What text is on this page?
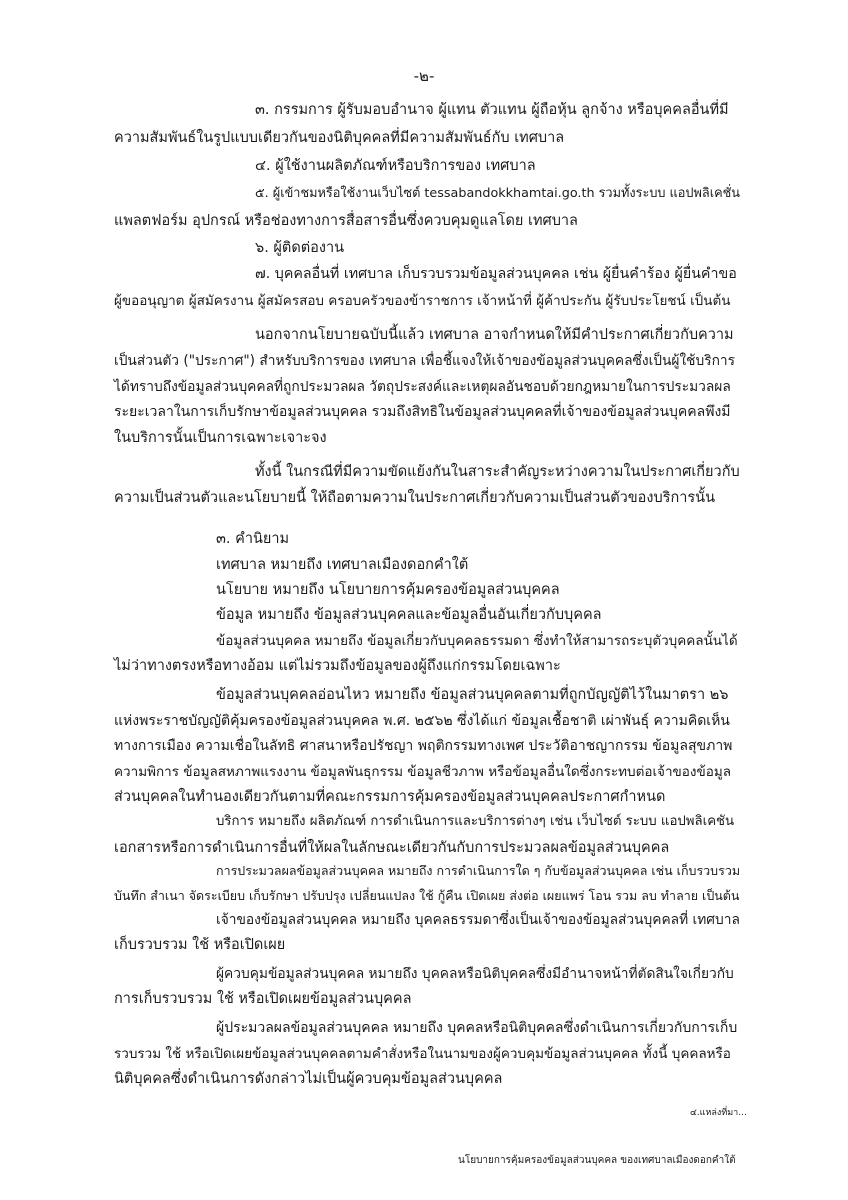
-๒-
๓. กรรมการ ผู้รับมอบอำนาจ ผู้แทน ตัวแทน ผู้ถือหุ้น ลูกจ้าง หรือบุคคลอื่นที่มี
ความสัมพันธ์ในรูปแบบเดียวกันของนิติบุคคลที่มีความสัมพันธ์กับ เทศบาล
๔. ผู้ใช้งานผลิตภัณฑ์หรือบริการของ เทศบาล
๕. ผู้เข้าชมหรือใช้งานเว็บไซต์ tessabandokkhamtai.go.th รวมทั้งระบบ แอปพลิเคชั่น
แพลตฟอร์ม อุปกรณ์ หรือช่องทางการสื่อสารอื่นซึ่งควบคุมดูแลโดย เทศบาล
๖. ผู้ติดต่องาน
๗. บุคคลอื่นที่ เทศบาล เก็บรวบรวมข้อมูลส่วนบุคคล เช่น ผู้ยื่นคำร้อง ผู้ยื่นคำขอ
ผู้ขออนุญาต ผู้สมัครงาน ผู้สมัครสอบ ครอบครัวของข้าราชการ เจ้าหน้าที่ ผู้ค้าประกัน ผู้รับประโยชน์ เป็นต้น
นอกจากนโยบายฉบับนี้แล้ว เทศบาล อาจกำหนดให้มีคำประกาศเกี่ยวกับความ
เป็นส่วนตัว ("ประกาศ") สำหรับบริการของ เทศบาล เพื่อชี้แจงให้เจ้าของข้อมูลส่วนบุคคลซึ่งเป็นผู้ใช้บริการ
ได้ทราบถึงข้อมูลส่วนบุคคลที่ถูกประมวลผล วัตถุประสงค์และเหตุผลอันชอบด้วยกฎหมายในการประมวลผล
ระยะเวลาในการเก็บรักษาข้อมูลส่วนบุคคล รวมถึงสิทธิในข้อมูลส่วนบุคคลที่เจ้าของข้อมูลส่วนบุคคลพึงมี
ในบริการนั้นเป็นการเฉพาะเจาะจง
ทั้งนี้ ในกรณีที่มีความขัดแย้งกันในสาระสำคัญระหว่างความในประกาศเกี่ยวกับ
ความเป็นส่วนตัวและนโยบายนี้ ให้ถือตามความในประกาศเกี่ยวกับความเป็นส่วนตัวของบริการนั้น
๓. คำนิยาม
เทศบาล หมายถึง เทศบาลเมืองดอกคำใต้
นโยบาย หมายถึง นโยบายการคุ้มครองข้อมูลส่วนบุคคล
ข้อมูล หมายถึง ข้อมูลส่วนบุคคลและข้อมูลอื่นอันเกี่ยวกับบุคคล
ข้อมูลส่วนบุคคล หมายถึง ข้อมูลเกี่ยวกับบุคคลธรรมดา ซึ่งทำให้สามารถระบุตัวบุคคลนั้นได้
ไม่ว่าทางตรงหรือทางอ้อม แต่ไม่รวมถึงข้อมูลของผู้ถึงแก่กรรมโดยเฉพาะ
ข้อมูลส่วนบุคคลอ่อนไหว หมายถึง ข้อมูลส่วนบุคคลตามที่ถูกบัญญัติไว้ในมาตรา ๒๖
แห่งพระราชบัญญัติคุ้มครองข้อมูลส่วนบุคคล พ.ศ. ๒๕๖๒ ซึ่งได้แก่ ข้อมูลเชื้อชาติ เผ่าพันธุ์ ความคิดเห็น
ทางการเมือง ความเชื่อในลัทธิ ศาสนาหรือปรัชญา พฤติกรรมทางเพศ ประวัติอาชญากรรม ข้อมูลสุขภาพ
ความพิการ ข้อมูลสหภาพแรงงาน ข้อมูลพันธุกรรม ข้อมูลชีวภาพ หรือข้อมูลอื่นใดซึ่งกระทบต่อเจ้าของข้อมูล
ส่วนบุคคลในทำนองเดียวกันตามที่คณะกรรมการคุ้มครองข้อมูลส่วนบุคคลประกาศกำหนด
บริการ หมายถึง ผลิตภัณฑ์ การดำเนินการและบริการต่างๆ เช่น เว็บไซต์ ระบบ แอปพลิเคชัน
เอกสารหรือการดำเนินการอื่นที่ให้ผลในลักษณะเดียวกันกับการประมวลผลข้อมูลส่วนบุคคล
การประมวลผลข้อมูลส่วนบุคคล หมายถึง การดำเนินการใด ๆ กับข้อมูลส่วนบุคคล เช่น เก็บรวบรวม
บันทึก สำเนา จัดระเบียบ เก็บรักษา ปรับปรุง เปลี่ยนแปลง ใช้ กู้คืน เปิดเผย ส่งต่อ เผยแพร่ โอน รวม ลบ ทำลาย เป็นต้น
เจ้าของข้อมูลส่วนบุคคล หมายถึง บุคคลธรรมดาซึ่งเป็นเจ้าของข้อมูลส่วนบุคคลที่ เทศบาล
เก็บรวบรวม ใช้ หรือเปิดเผย
ผู้ควบคุมข้อมูลส่วนบุคคล หมายถึง บุคคลหรือนิติบุคคลซึ่งมีอำนาจหน้าที่ตัดสินใจเกี่ยวกับ
การเก็บรวบรวม ใช้ หรือเปิดเผยข้อมูลส่วนบุคคล
ผู้ประมวลผลข้อมูลส่วนบุคคล หมายถึง บุคคลหรือนิติบุคคลซึ่งดำเนินการเกี่ยวกับการเก็บ
รวบรวม ใช้ หรือเปิดเผยข้อมูลส่วนบุคคลตามคำสั่งหรือในนามของผู้ควบคุมข้อมูลส่วนบุคคล ทั้งนี้ บุคคลหรือ
นิติบุคคลซึ่งดำเนินการดังกล่าวไม่เป็นผู้ควบคุมข้อมูลส่วนบุคคล
๔.แหล่งที่มา...
นโยบายการคุ้มครองข้อมูลส่วนบุคคล ของเทศบาลเมืองดอกคำใต้
